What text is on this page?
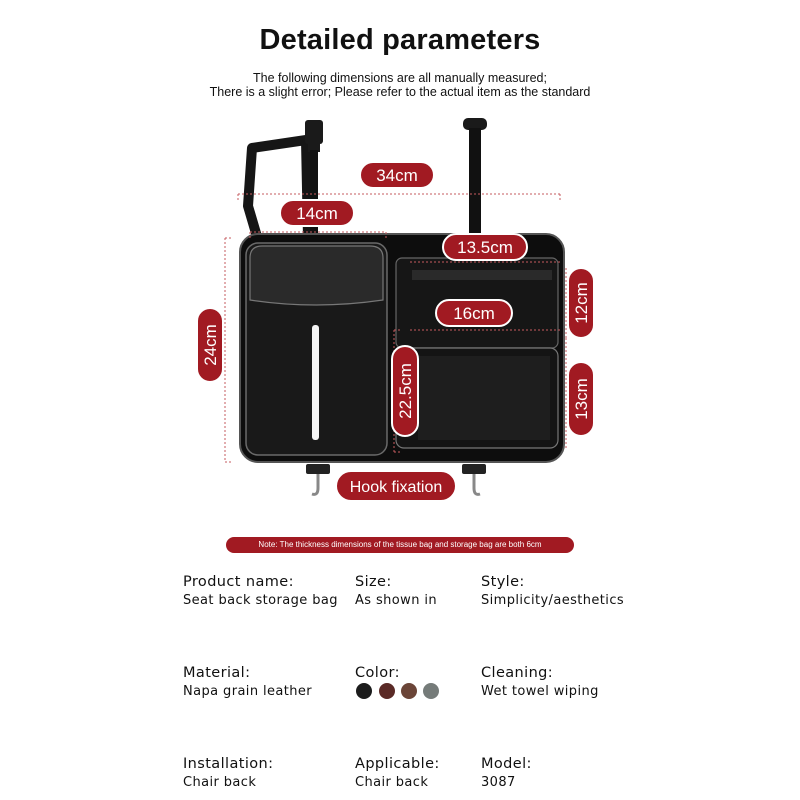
Detailed parameters
The following dimensions are all manually measured;
There is a slight error; Please refer to the actual item as the standard
34cm
14cm
13.5cm
16cm
24cm
22.5cm
12cm
13cm
Hook fixation
Note: The thickness dimensions of the tissue bag and storage bag are both 6cm
Product name:
Seat back storage bag
Size:
As shown in
Style:
Simplicity/aesthetics
Material:
Napa grain leather
Color:	Cleaning:
Wet towel wiping
Installation:
Chair back
Applicable:
Chair back
Model:
3087
